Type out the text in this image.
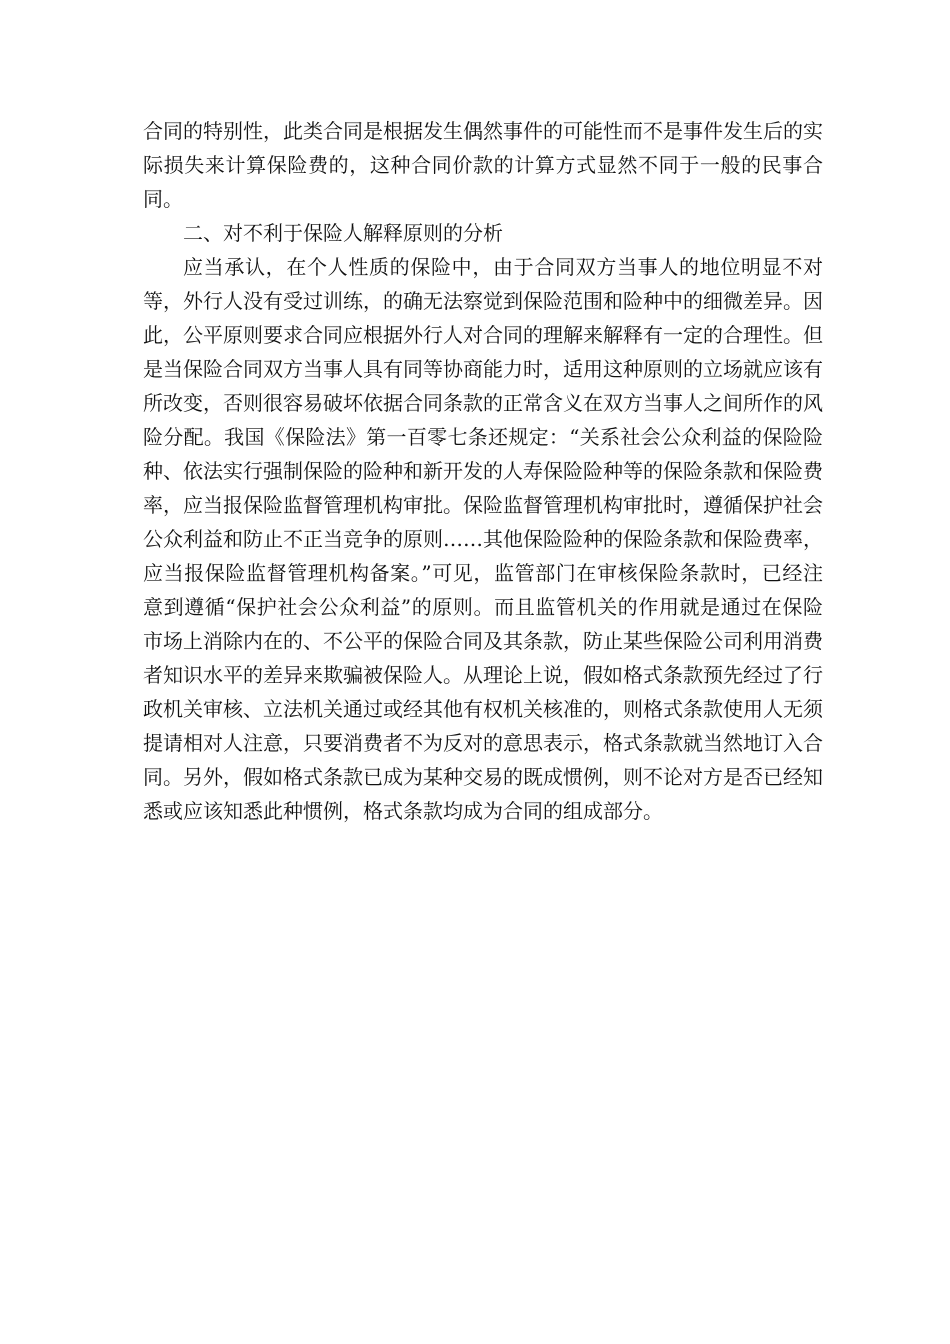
合同的特别性，此类合同是根据发生偶然事件的可能性而不是事件发生后的实际损失来计算保险费的，这种合同价款的计算方式显然不同于一般的民事合同。

二、对不利于保险人解释原则的分析

应当承认，在个人性质的保险中，由于合同双方当事人的地位明显不对等，外行人没有受过训练，的确无法察觉到保险范围和险种中的细微差异。因此，公平原则要求合同应根据外行人对合同的理解来解释有一定的合理性。但是当保险合同双方当事人具有同等协商能力时，适用这种原则的立场就应该有所改变，否则很容易破坏依据合同条款的正常含义在双方当事人之间所作的风险分配。我国《保险法》第一百零七条还规定：“关系社会公众利益的保险险种、依法实行强制保险的险种和新开发的人寿保险险种等的保险条款和保险费率，应当报保险监督管理机构审批。保险监督管理机构审批时，遵循保护社会公众利益和防止不正当竞争的原则……其他保险险种的保险条款和保险费率，应当报保险监督管理机构备案。”可见，监管部门在审核保险条款时，已经注意到遵循“保护社会公众利益”的原则。而且监管机关的作用就是通过在保险市场上消除内在的、不公平的保险合同及其条款，防止某些保险公司利用消费者知识水平的差异来欺骗被保险人。从理论上说，假如格式条款预先经过了行政机关审核、立法机关通过或经其他有权机关核准的，则格式条款使用人无须提请相对人注意，只要消费者不为反对的意思表示，格式条款就当然地订入合同。另外，假如格式条款已成为某种交易的既成惯例，则不论对方是否已经知悉或应该知悉此种惯例，格式条款均成为合同的组成部分。
